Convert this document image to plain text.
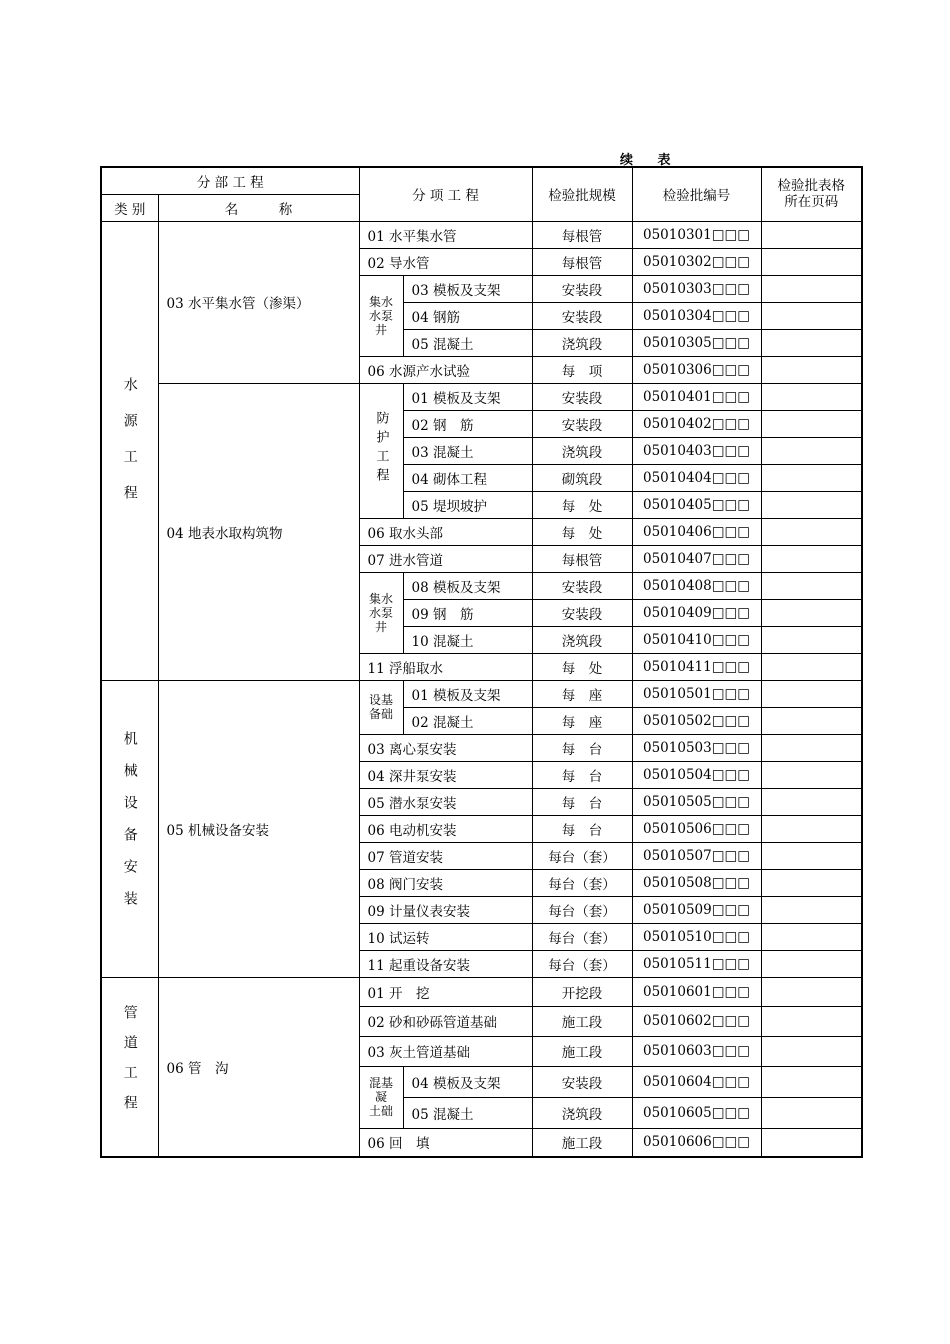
续 表
分 部 工 程		分 项 工 程		检验批规模	检验批编号	检验批表格
所在页码
类 别	名　　　称					
水源工程	03 水平集水管（渗渠）	01 水平集水管		每根管	05010301□□□	
		02 导水管		每根管	05010302□□□	
		集水
水泵
井	03 模板及支架	安装段	05010303□□□	
			04 钢筋	安装段	05010304□□□	
			05 混凝土	浇筑段	05010305□□□	
		06 水源产水试验		每　项	05010306□□□	
	04 地表水取构筑物	防护工程	01 模板及支架	安装段	05010401□□□	
			02 钢　筋	安装段	05010402□□□	
			03 混凝土	浇筑段	05010403□□□	
			04 砌体工程	砌筑段	05010404□□□	
			05 堤坝坡护	每　处	05010405□□□	
		06 取水头部		每　处	05010406□□□	
		07 进水管道		每根管	05010407□□□	
		集水
水泵
井	08 模板及支架	安装段	05010408□□□	
			09 钢　筋	安装段	05010409□□□	
			10 混凝土	浇筑段	05010410□□□	
		11 浮船取水		每　处	05010411□□□	
机械设备安装	05 机械设备安装	设基
备础	01 模板及支架	每　座	05010501□□□	
			02 混凝土	每　座	05010502□□□	
		03 离心泵安装		每　台	05010503□□□	
		04 深井泵安装		每　台	05010504□□□	
		05 潜水泵安装		每　台	05010505□□□	
		06 电动机安装		每　台	05010506□□□	
		07 管道安装		每台（套）	05010507□□□	
		08 阀门安装		每台（套）	05010508□□□	
		09 计量仪表安装		每台（套）	05010509□□□	
		10 试运转		每台（套）	05010510□□□	
		11 起重设备安装		每台（套）	05010511□□□	
管道工程	06 管　沟	01 开　挖		开挖段	05010601□□□	
		02 砂和砂砾管道基础		施工段	05010602□□□	
		03 灰土管道基础		施工段	05010603□□□	
		混基
凝
土础	04 模板及支架	安装段	05010604□□□	
			05 混凝土	浇筑段	05010605□□□	
		06 回　填		施工段	05010606□□□	
